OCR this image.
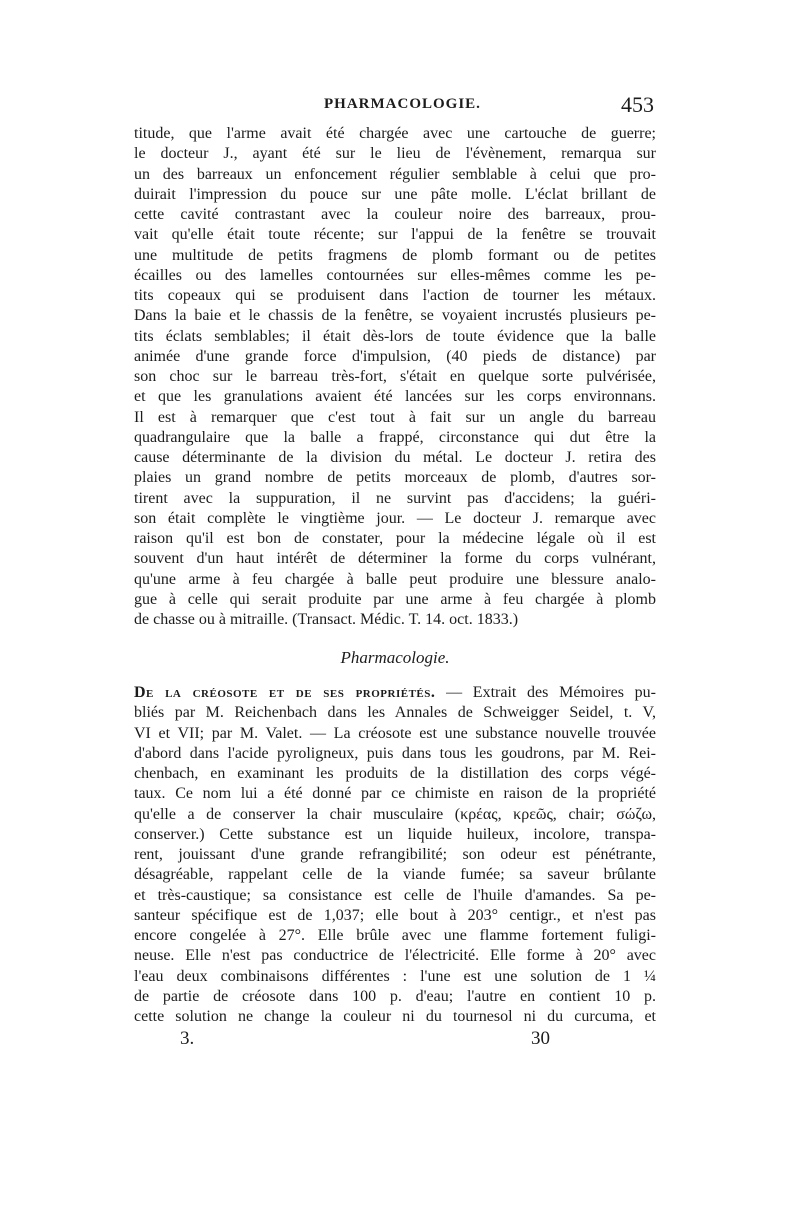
PHARMACOLOGIE.	453
titude, que l'arme avait été chargée avec une cartouche de guerre;
le docteur J., ayant été sur le lieu de l'évènement, remarqua sur
un des barreaux un enfoncement régulier semblable à celui que pro-
duirait l'impression du pouce sur une pâte molle. L'éclat brillant de
cette cavité contrastant avec la couleur noire des barreaux, prou-
vait qu'elle était toute récente; sur l'appui de la fenêtre se trouvait
une multitude de petits fragmens de plomb formant ou de petites
écailles ou des lamelles contournées sur elles-mêmes comme les pe-
tits copeaux qui se produisent dans l'action de tourner les métaux.
Dans la baie et le chassis de la fenêtre, se voyaient incrustés plusieurs pe-
tits éclats semblables; il était dès-lors de toute évidence que la balle
animée d'une grande force d'impulsion, (40 pieds de distance) par
son choc sur le barreau très-fort, s'était en quelque sorte pulvérisée,
et que les granulations avaient été lancées sur les corps environnans.
Il est à remarquer que c'est tout à fait sur un angle du barreau
quadrangulaire que la balle a frappé, circonstance qui dut être la
cause déterminante de la division du métal. Le docteur J. retira des
plaies un grand nombre de petits morceaux de plomb, d'autres sor-
tirent avec la suppuration, il ne survint pas d'accidens; la guéri-
son était complète le vingtième jour. — Le docteur J. remarque avec
raison qu'il est bon de constater, pour la médecine légale où il est
souvent d'un haut intérêt de déterminer la forme du corps vulnérant,
qu'une arme à feu chargée à balle peut produire une blessure analo-
gue à celle qui serait produite par une arme à feu chargée à plomb
de chasse ou à mitraille. (Transact. Médic. T. 14. oct. 1833.)
Pharmacologie.
De la créosote et de ses propriétés. — Extrait des Mémoires pu-
bliés par M. Reichenbach dans les Annales de Schweigger Seidel, t. V,
VI et VII; par M. Valet. — La créosote est une substance nouvelle trouvée
d'abord dans l'acide pyroligneux, puis dans tous les goudrons, par M. Rei-
chenbach, en examinant les produits de la distillation des corps végé-
taux. Ce nom lui a été donné par ce chimiste en raison de la propriété
qu'elle a de conserver la chair musculaire (κρέας, κρεῶς, chair; σώζω,
conserver.) Cette substance est un liquide huileux, incolore, transpa-
rent, jouissant d'une grande refrangibilité; son odeur est pénétrante,
désagréable, rappelant celle de la viande fumée; sa saveur brûlante
et très-caustique; sa consistance est celle de l'huile d'amandes. Sa pe-
santeur spécifique est de 1,037; elle bout à 203° centigr., et n'est pas
encore congelée à 27°. Elle brûle avec une flamme fortement fuligi-
neuse. Elle n'est pas conductrice de l'électricité. Elle forme à 20° avec
l'eau deux combinaisons différentes : l'une est une solution de 1 ¼
de partie de créosote dans 100 p. d'eau; l'autre en contient 10 p.
cette solution ne change la couleur ni du tournesol ni du curcuma, et
3.	30
